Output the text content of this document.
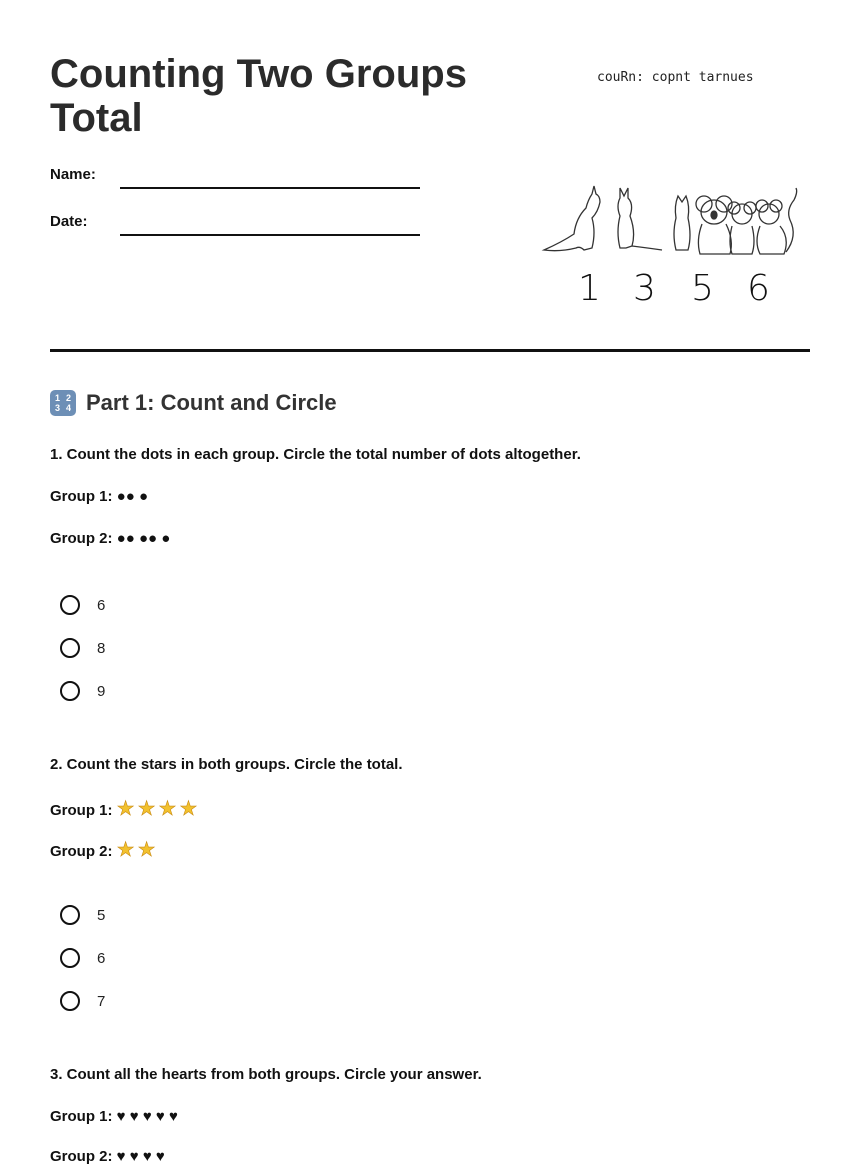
Counting Two Groups Total
Name:
Date:
couRn: copnt tarnues
1 3 5 6
1 2
3 4 Part 1: Count and Circle
1. Count the dots in each group. Circle the total number of dots altogether.
Group 1: ●● ●
Group 2: ●● ●● ●
6
8
9
2. Count the stars in both groups. Circle the total.
Group 1: ★★★★
Group 2: ★★
5
6
7
3. Count all the hearts from both groups. Circle your answer.
Group 1: ♥ ♥ ♥ ♥ ♥
Group 2: ♥ ♥ ♥ ♥
